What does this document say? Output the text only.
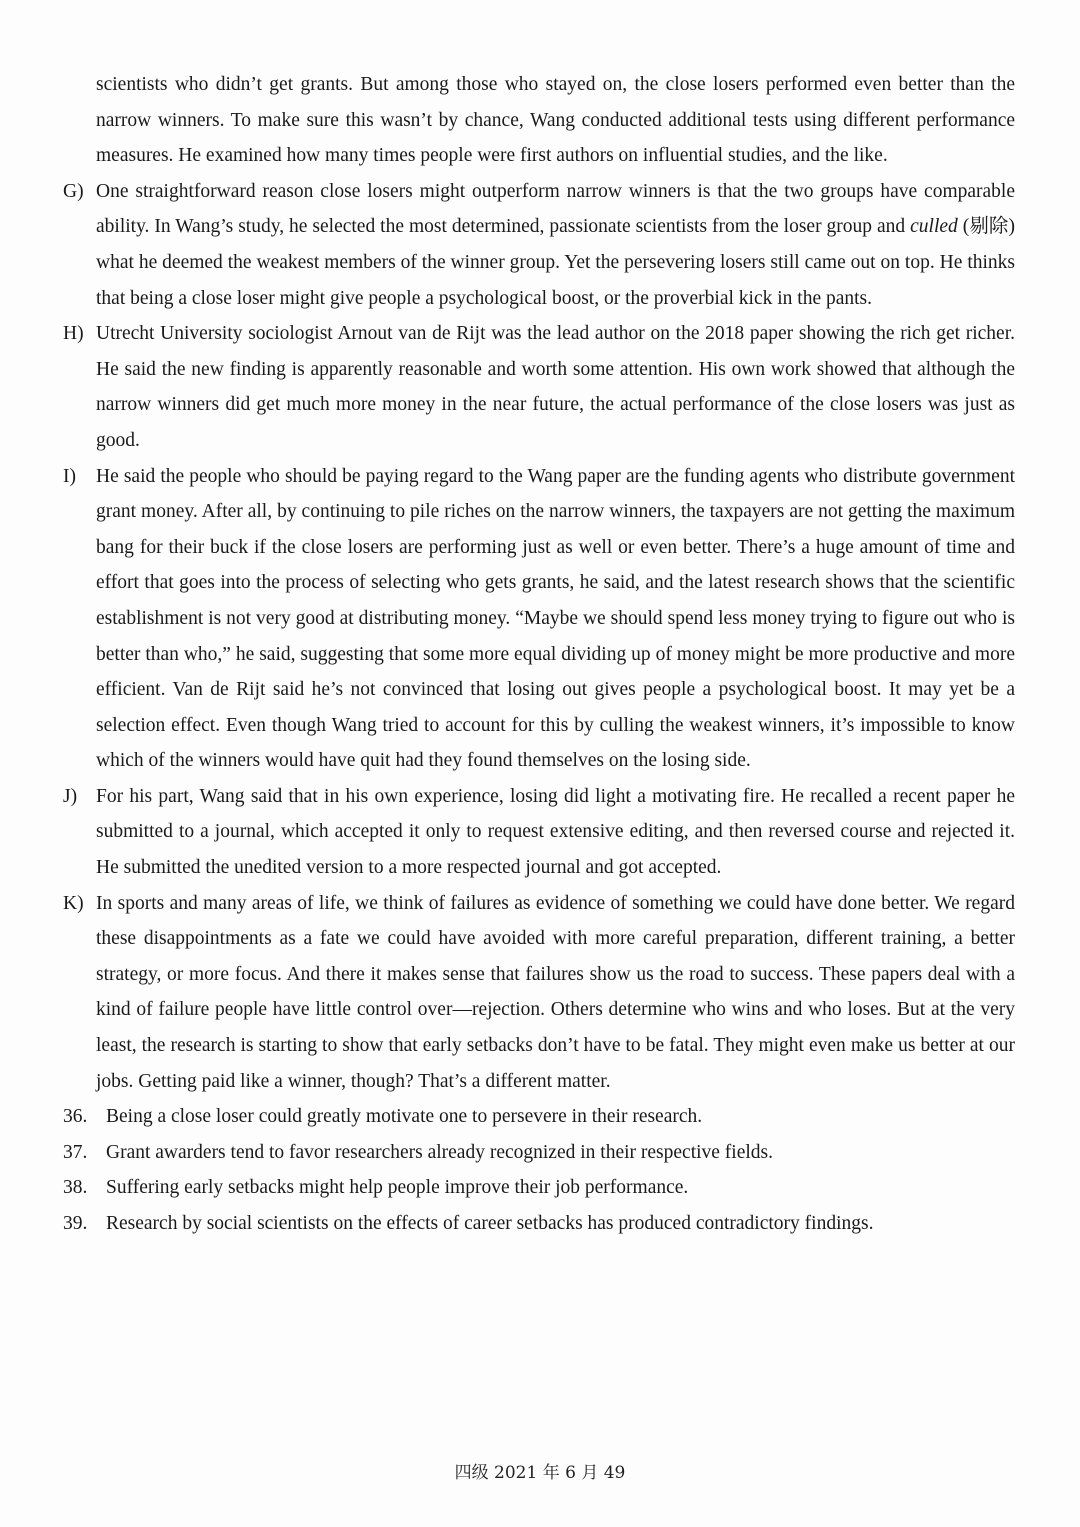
scientists who didn’t get grants. But among those who stayed on, the close losers performed even better than the narrow winners. To make sure this wasn’t by chance, Wang conducted additional tests using different performance measures. He examined how many times people were first authors on influential studies, and the like.

G) One straightforward reason close losers might outperform narrow winners is that the two groups have comparable ability. In Wang’s study, he selected the most determined, passionate scientists from the loser group and culled (剔除) what he deemed the weakest members of the winner group. Yet the persevering losers still came out on top. He thinks that being a close loser might give people a psychological boost, or the proverbial kick in the pants.

H) Utrecht University sociologist Arnout van de Rijt was the lead author on the 2018 paper showing the rich get richer. He said the new finding is apparently reasonable and worth some attention. His own work showed that although the narrow winners did get much more money in the near future, the actual performance of the close losers was just as good.

I) He said the people who should be paying regard to the Wang paper are the funding agents who distribute government grant money. After all, by continuing to pile riches on the narrow winners, the taxpayers are not getting the maximum bang for their buck if the close losers are performing just as well or even better. There’s a huge amount of time and effort that goes into the process of selecting who gets grants, he said, and the latest research shows that the scientific establishment is not very good at distributing money. “Maybe we should spend less money trying to figure out who is better than who,” he said, suggesting that some more equal dividing up of money might be more productive and more efficient. Van de Rijt said he’s not convinced that losing out gives people a psychological boost. It may yet be a selection effect. Even though Wang tried to account for this by culling the weakest winners, it’s impossible to know which of the winners would have quit had they found themselves on the losing side.

J) For his part, Wang said that in his own experience, losing did light a motivating fire. He recalled a recent paper he submitted to a journal, which accepted it only to request extensive editing, and then reversed course and rejected it. He submitted the unedited version to a more respected journal and got accepted.

K) In sports and many areas of life, we think of failures as evidence of something we could have done better. We regard these disappointments as a fate we could have avoided with more careful preparation, different training, a better strategy, or more focus. And there it makes sense that failures show us the road to success. These papers deal with a kind of failure people have little control over—rejection. Others determine who wins and who loses. But at the very least, the research is starting to show that early setbacks don’t have to be fatal. They might even make us better at our jobs. Getting paid like a winner, though? That’s a different matter.

36. Being a close loser could greatly motivate one to persevere in their research.

37. Grant awarders tend to favor researchers already recognized in their respective fields.

38. Suffering early setbacks might help people improve their job performance.

39. Research by social scientists on the effects of career setbacks has produced contradictory findings.

四级 2021 年 6 月 49
